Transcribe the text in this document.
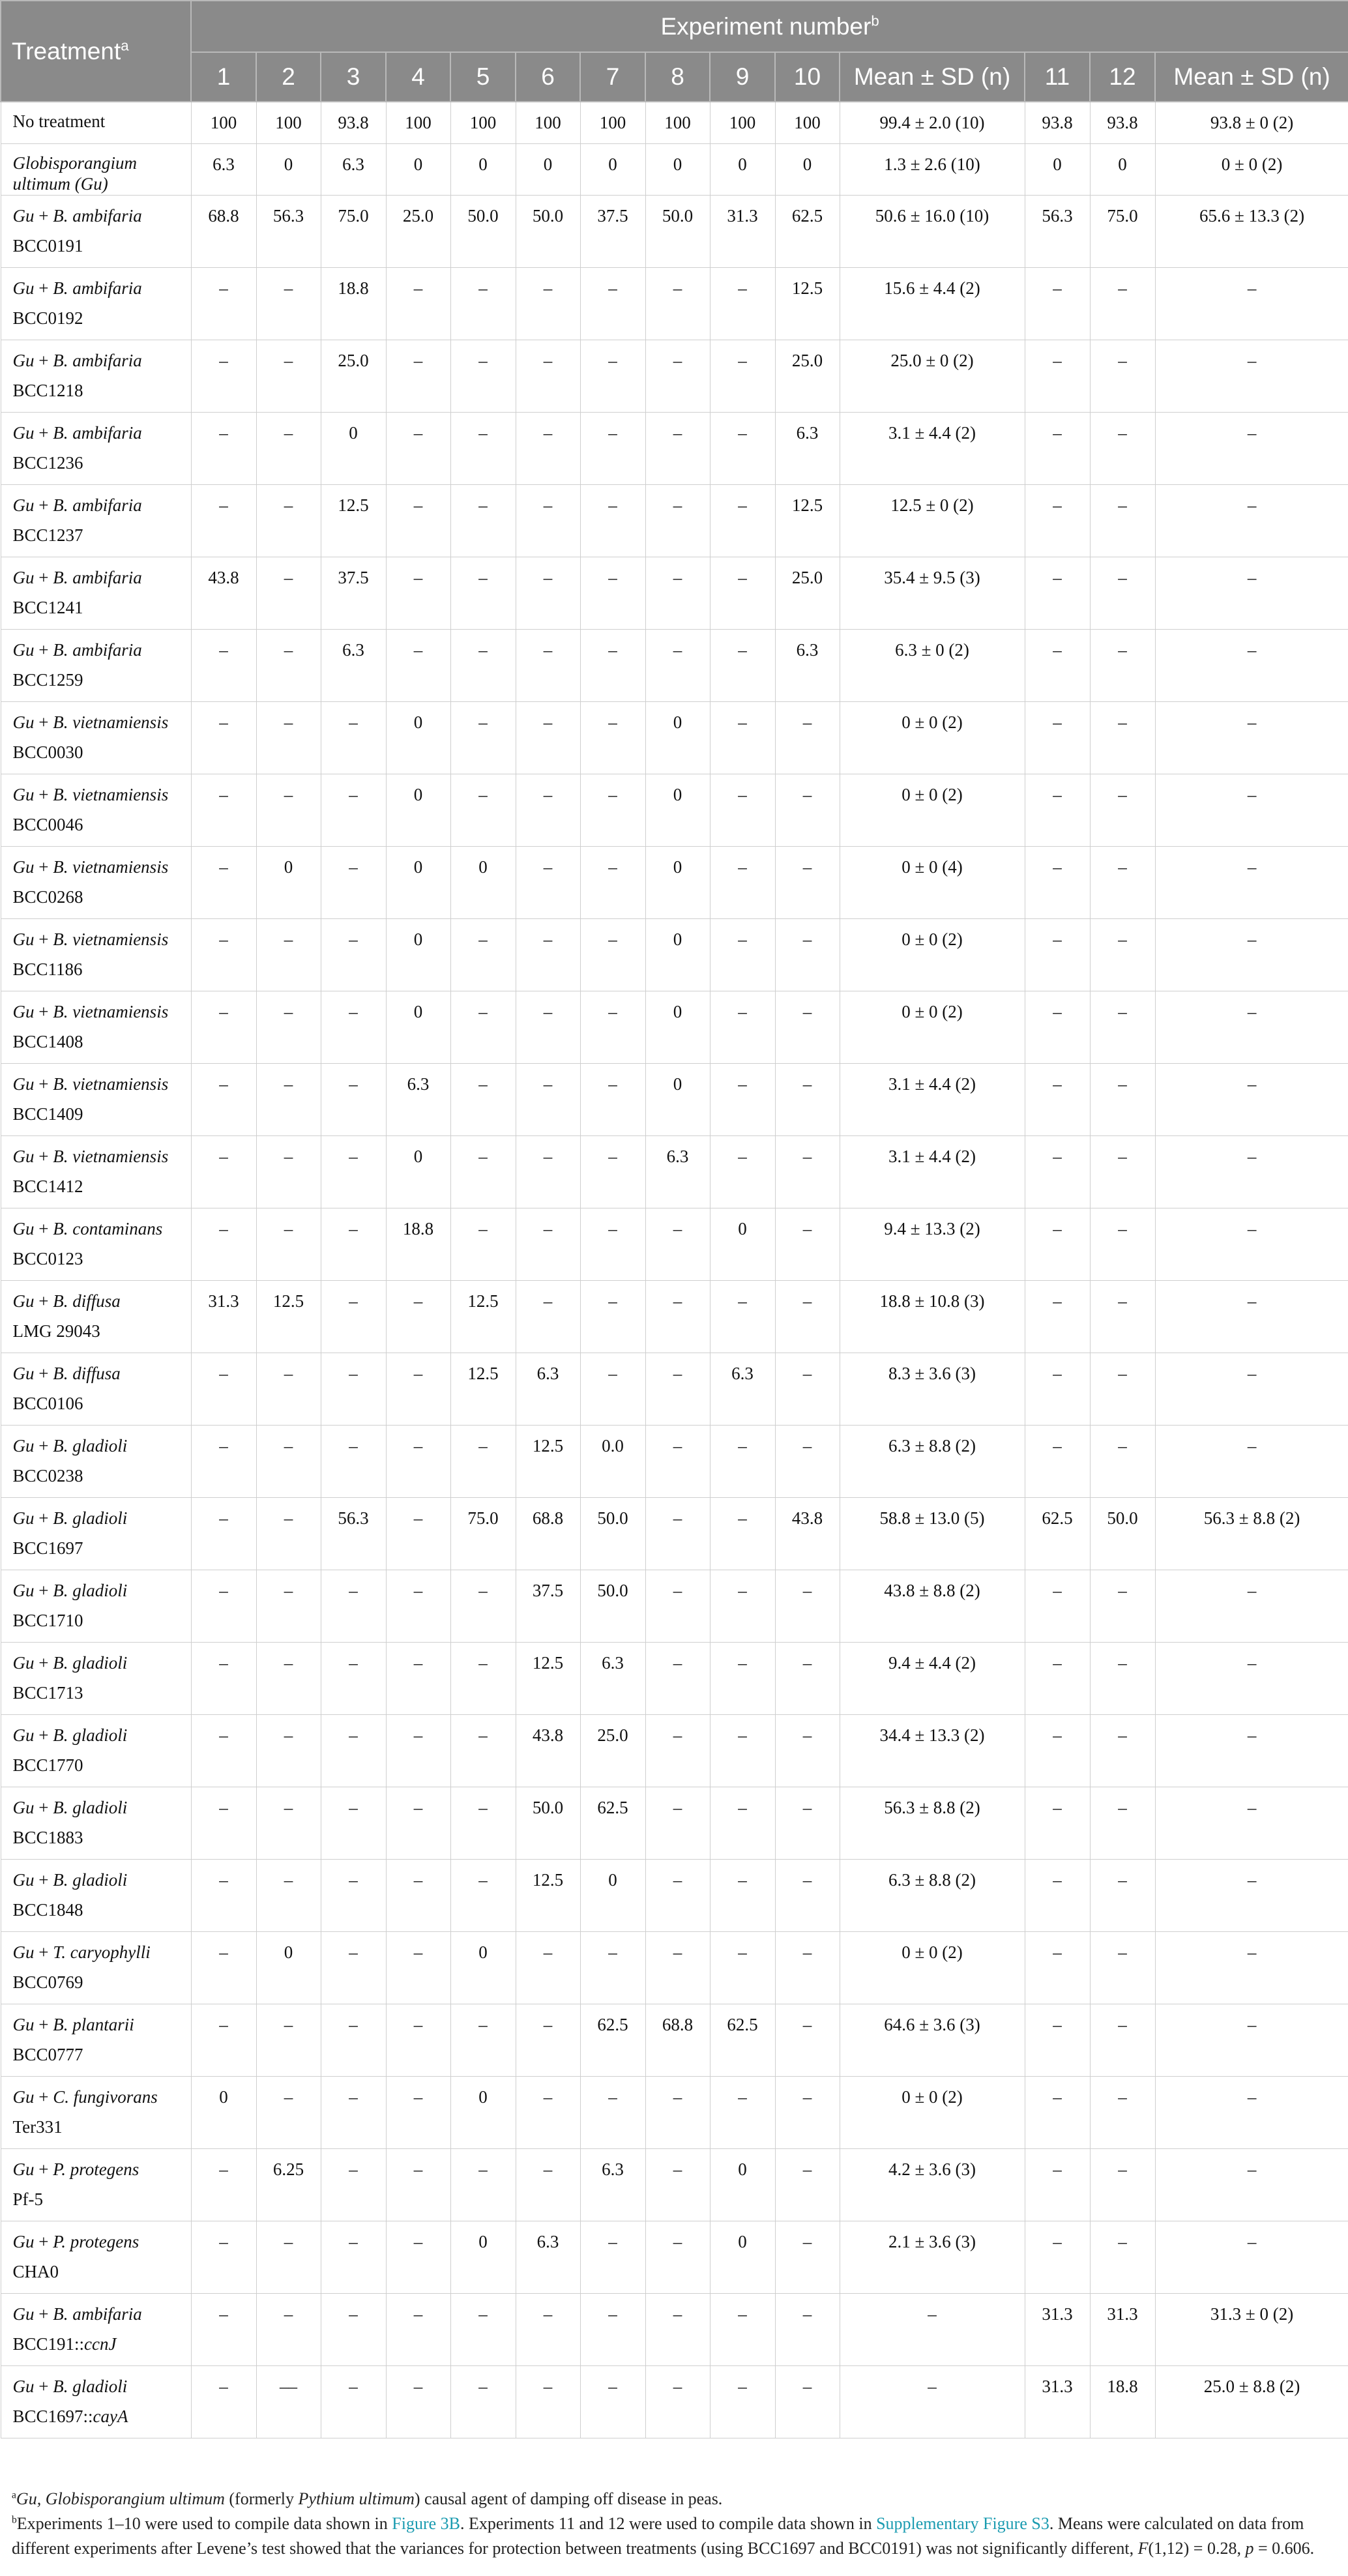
Treatment$^a$	Experiment number$^b$
	1	2	3	4	5	6	7	8	9	10	Mean ± SD (n)	11	12	Mean ± SD (n)

No treatment	100	100	93.8	100	100	100	100	100	100	100	99.4 ± 2.0 (10)	93.8	93.8	93.8 ± 0 (2)

Globisporangium ultimum (Gu)	6.3	0	6.3	0	0	0	0	0	0	0	1.3 ± 2.6 (10)	0	0	0 ± 0 (2)

Gu + B. ambifaria
BCC0191	68.8	56.3	75.0	25.0	50.0	50.0	37.5	50.0	31.3	62.5	50.6 ± 16.0 (10)	56.3	75.0	65.6 ± 13.3 (2)

Gu + B. ambifaria
BCC0192	–	–	18.8	–	–	–	–	–	–	12.5	15.6 ± 4.4 (2)	–	–	–

Gu + B. ambifaria
BCC1218	–	–	25.0	–	–	–	–	–	–	25.0	25.0 ± 0 (2)	–	–	–

Gu + B. ambifaria
BCC1236	–	–	0	–	–	–	–	–	–	6.3	3.1 ± 4.4 (2)	–	–	–

Gu + B. ambifaria
BCC1237	–	–	12.5	–	–	–	–	–	–	12.5	12.5 ± 0 (2)	–	–	–

Gu + B. ambifaria
BCC1241	43.8	–	37.5	–	–	–	–	–	–	25.0	35.4 ± 9.5 (3)	–	–	–

Gu + B. ambifaria
BCC1259	–	–	6.3	–	–	–	–	–	–	6.3	6.3 ± 0 (2)	–	–	–

Gu + B. vietnamiensis
BCC0030	–	–	–	0	–	–	–	0	–	–	0 ± 0 (2)	–	–	–

Gu + B. vietnamiensis
BCC0046	–	–	–	0	–	–	–	0	–	–	0 ± 0 (2)	–	–	–

Gu + B. vietnamiensis
BCC0268	–	0	–	0	0	–	–	0	–	–	0 ± 0 (4)	–	–	–

Gu + B. vietnamiensis
BCC1186	–	–	–	0	–	–	–	0	–	–	0 ± 0 (2)	–	–	–

Gu + B. vietnamiensis
BCC1408	–	–	–	0	–	–	–	0	–	–	0 ± 0 (2)	–	–	–

Gu + B. vietnamiensis
BCC1409	–	–	–	6.3	–	–	–	0	–	–	3.1 ± 4.4 (2)	–	–	–

Gu + B. vietnamiensis
BCC1412	–	–	–	0	–	–	–	6.3	–	–	3.1 ± 4.4 (2)	–	–	–

Gu + B. contaminans
BCC0123	–	–	–	18.8	–	–	–	–	0	–	9.4 ± 13.3 (2)	–	–	–

Gu + B. diffusa
LMG 29043	31.3	12.5	–	–	12.5	–	–	–	–	–	18.8 ± 10.8 (3)	–	–	–

Gu + B. diffusa
BCC0106	–	–	–	–	12.5	6.3	–	–	6.3	–	8.3 ± 3.6 (3)	–	–	–

Gu + B. gladioli
BCC0238	–	–	–	–	–	12.5	0.0	–	–	–	6.3 ± 8.8 (2)	–	–	–

Gu + B. gladioli
BCC1697	–	–	56.3	–	75.0	68.8	50.0	–	–	43.8	58.8 ± 13.0 (5)	62.5	50.0	56.3 ± 8.8 (2)

Gu + B. gladioli
BCC1710	–	–	–	–	–	37.5	50.0	–	–	–	43.8 ± 8.8 (2)	–	–	–

Gu + B. gladioli
BCC1713	–	–	–	–	–	12.5	6.3	–	–	–	9.4 ± 4.4 (2)	–	–	–

Gu + B. gladioli
BCC1770	–	–	–	–	–	43.8	25.0	–	–	–	34.4 ± 13.3 (2)	–	–	–

Gu + B. gladioli
BCC1883	–	–	–	–	–	50.0	62.5	–	–	–	56.3 ± 8.8 (2)	–	–	–

Gu + B. gladioli
BCC1848	–	–	–	–	–	12.5	0	–	–	–	6.3 ± 8.8 (2)	–	–	–

Gu + T. caryophylli
BCC0769	–	0	–	–	0	–	–	–	–	–	0 ± 0 (2)	–	–	–

Gu + B. plantarii
BCC0777	–	–	–	–	–	–	62.5	68.8	62.5	–	64.6 ± 3.6 (3)	–	–	–

Gu + C. fungivorans
Ter331	0	–	–	–	0	–	–	–	–	–	0 ± 0 (2)	–	–	–

Gu + P. protegens
Pf-5	–	6.25	–	–	–	–	6.3	–	0	–	4.2 ± 3.6 (3)	–	–	–

Gu + P. protegens
CHA0	–	–	–	–	0	6.3	–	–	0	–	2.1 ± 3.6 (3)	–	–	–

Gu + B. ambifaria
BCC191::ccnJ	–	–	–	–	–	–	–	–	–	–	–	31.3	31.3	31.3 ± 0 (2)

Gu + B. gladioli
BCC1697::cayA	–	––	–	–	–	–	–	–	–	–	–	31.3	18.8	25.0 ± 8.8 (2)

$^a$Gu, Globisporangium ultimum (formerly Pythium ultimum) causal agent of damping off disease in peas.

$^b$Experiments 1–10 were used to compile data shown in Figure 3B. Experiments 11 and 12 were used to compile data shown in Supplementary Figure S3. Means were calculated on data from

different experiments after Levene’s test showed that the variances for protection between treatments (using BCC1697 and BCC0191) was not significantly different, F(1,12) = 0.28, p = 0.606.
